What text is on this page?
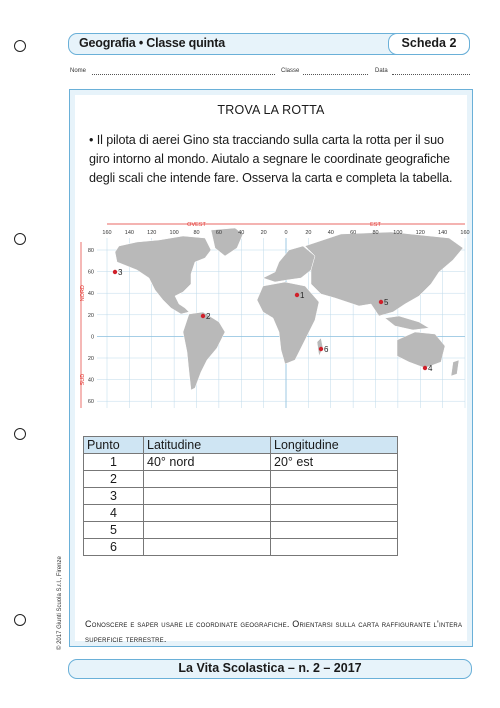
Geografia • Classe quinta	Scheda 2
Nome	Classe	Data
TROVA LA ROTTA
• Il pilota di aerei Gino sta tracciando sulla carta la rotta per il suo giro intorno al mondo. Aiutalo a segnare le coordinate geografiche degli scali che intende fare. Osserva la carta e completa la tabella.
1
2
3
4
5
6
160 140 120 100	80	60	40	20	0	20	40	60	80	100 120 140 160
80
60
40
20
0
20
40
60
OVEST	EST
NORD
SUD
Punto	Latitudine	Longitudine
1	40° nord	20° est
2		
3		
4		
5		
6		
Conoscere e saper usare le coordinate geografiche. Orientarsi sulla carta raffigurante l'intera superficie terrestre.
© 2017 Giunti Scuola S.r.l., Firenze
La Vita Scolastica – n. 2 – 2017
